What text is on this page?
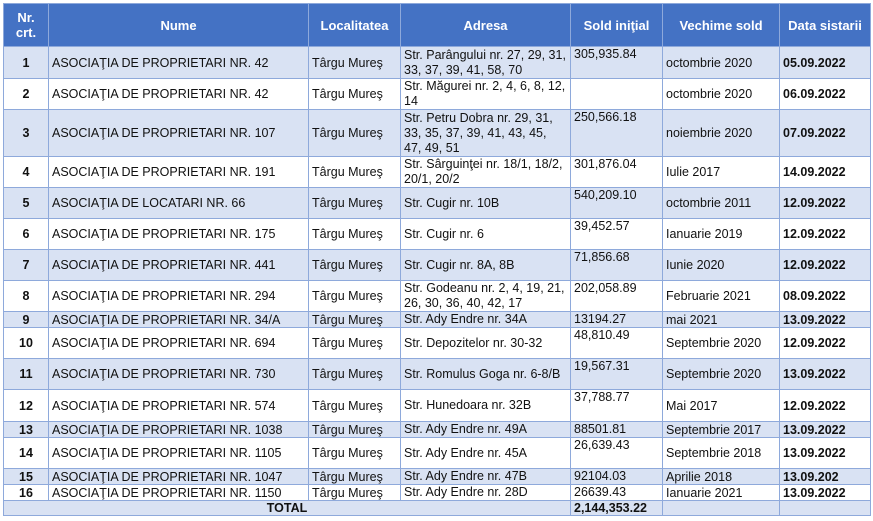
Nr. crt.	Nume	Localitatea	Adresa	Sold iniţial	Vechime sold	Data sistarii
1	ASOCIAŢIA DE PROPRIETARI NR. 42	Târgu Mureş	Str. Parângului nr. 27, 29, 31, 33, 37, 39, 41, 58, 70	305,935.84	octombrie 2020	05.09.2022
2	ASOCIAŢIA DE PROPRIETARI NR. 42	Târgu Mureş	Str. Măgurei nr. 2, 4, 6, 8, 12, 14		octombrie 2020	06.09.2022
3	ASOCIAŢIA DE PROPRIETARI NR. 107	Târgu Mureş	Str. Petru Dobra nr. 29, 31, 33, 35, 37, 39, 41, 43, 45, 47, 49, 51	250,566.18	noiembrie 2020	07.09.2022
4	ASOCIAŢIA DE PROPRIETARI NR. 191	Târgu Mureş	Str. Sârguinţei nr. 18/1, 18/2, 20/1, 20/2	301,876.04	Iulie 2017	14.09.2022
5	ASOCIAŢIA DE LOCATARI NR. 66	Târgu Mureş	Str. Cugir nr. 10B	540,209.10	octombrie 2011	12.09.2022
6	ASOCIAŢIA DE PROPRIETARI NR. 175	Târgu Mureş	Str. Cugir nr. 6	39,452.57	Ianuarie 2019	12.09.2022
7	ASOCIAŢIA DE PROPRIETARI NR. 441	Târgu Mureş	Str. Cugir nr. 8A, 8B	71,856.68	Iunie 2020	12.09.2022
8	ASOCIAŢIA DE PROPRIETARI NR. 294	Târgu Mureş	Str. Godeanu nr. 2, 4, 19, 21, 26, 30, 36, 40, 42, 17	202,058.89	Februarie 2021	08.09.2022
9	ASOCIAŢIA DE PROPRIETARI NR. 34/A	Târgu Mureş	Str. Ady Endre nr. 34A	13194.27	mai 2021	13.09.2022
10	ASOCIAŢIA DE PROPRIETARI NR. 694	Târgu Mureş	Str. Depozitelor nr. 30-32	48,810.49	Septembrie 2020	12.09.2022
11	ASOCIAŢIA DE PROPRIETARI NR. 730	Târgu Mureş	Str. Romulus Goga nr. 6-8/B	19,567.31	Septembrie 2020	13.09.2022
12	ASOCIAŢIA DE PROPRIETARI NR. 574	Târgu Mureş	Str. Hunedoara nr. 32B	37,788.77	Mai 2017	12.09.2022
13	ASOCIAŢIA DE PROPRIETARI NR. 1038	Târgu Mureş	Str. Ady Endre nr. 49A	88501.81	Septembrie 2017	13.09.2022
14	ASOCIAŢIA DE PROPRIETARI NR. 1105	Târgu Mureş	Str. Ady Endre nr. 45A	26,639.43	Septembrie 2018	13.09.2022
15	ASOCIAŢIA DE PROPRIETARI NR. 1047	Târgu Mureş	Str. Ady Endre nr. 47B	92104.03	Aprilie 2018	13.09.202
16	ASOCIAŢIA DE PROPRIETARI NR. 1150	Târgu Mureş	Str. Ady Endre nr. 28D	26639.43	Ianuarie 2021	13.09.2022
TOTAL				2,144,353.22		
